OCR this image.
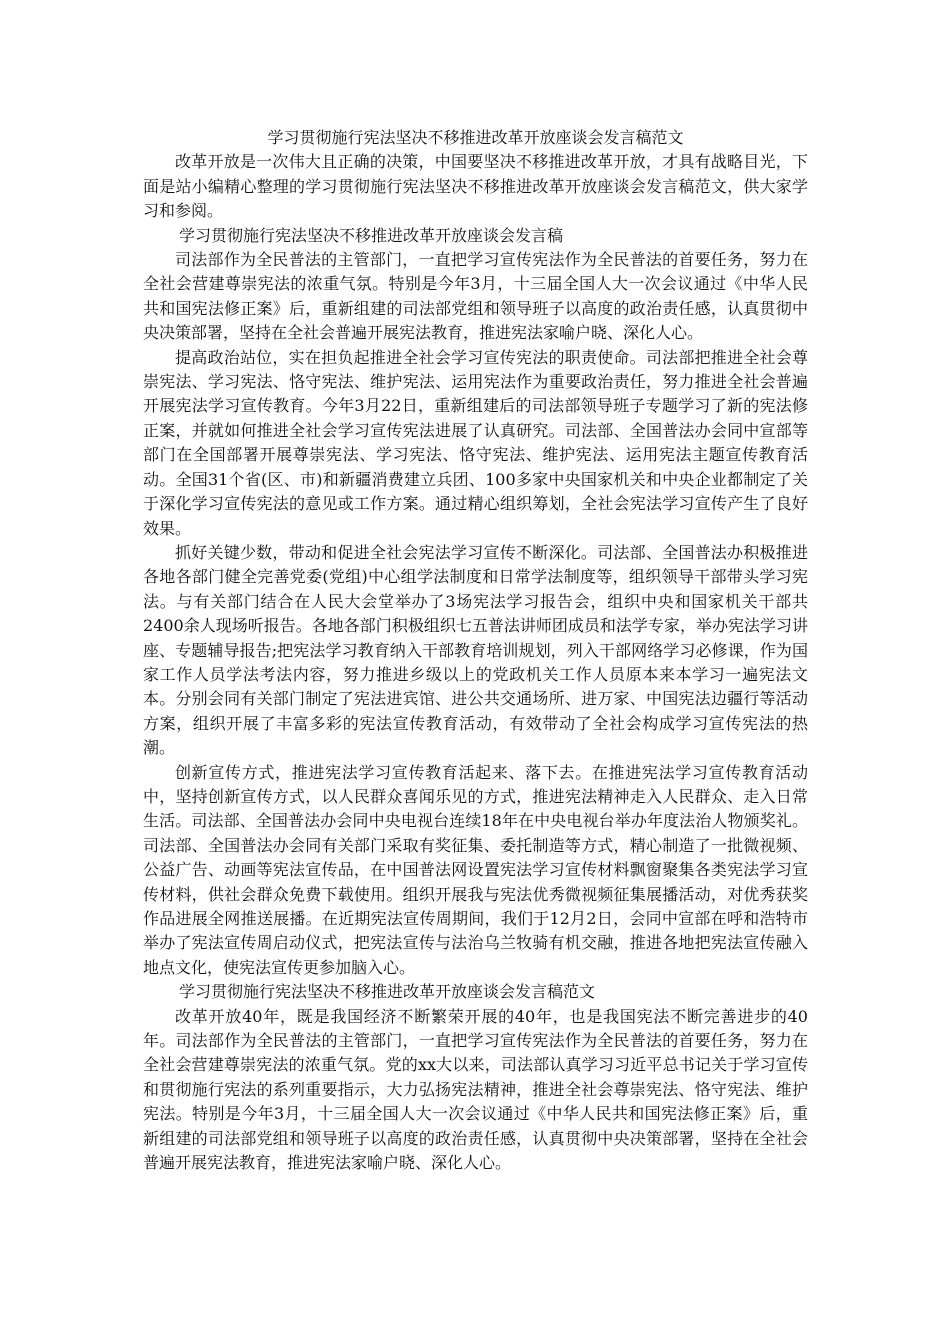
学习贯彻施行宪法坚决不移推进改革开放座谈会发言稿范文

改革开放是一次伟大且正确的决策，中国要坚决不移推进改革开放，才具有战略目光，下面是站小编精心整理的学习贯彻施行宪法坚决不移推进改革开放座谈会发言稿范文，供大家学习和参阅。

学习贯彻施行宪法坚决不移推进改革开放座谈会发言稿

司法部作为全民普法的主管部门，一直把学习宣传宪法作为全民普法的首要任务，努力在全社会营建尊崇宪法的浓重气氛。特别是今年3月，十三届全国人大一次会议通过《中华人民共和国宪法修正案》后，重新组建的司法部党组和领导班子以高度的政治责任感，认真贯彻中央决策部署，坚持在全社会普遍开展宪法教育，推进宪法家喻户晓、深化人心。

提高政治站位，实在担负起推进全社会学习宣传宪法的职责使命。司法部把推进全社会尊崇宪法、学习宪法、恪守宪法、维护宪法、运用宪法作为重要政治责任，努力推进全社会普遍开展宪法学习宣传教育。今年3月22日，重新组建后的司法部领导班子专题学习了新的宪法修正案，并就如何推进全社会学习宣传宪法进展了认真研究。司法部、全国普法办会同中宣部等部门在全国部署开展尊崇宪法、学习宪法、恪守宪法、维护宪法、运用宪法主题宣传教育活动。全国31个省(区、市)和新疆消费建立兵团、100多家中央国家机关和中央企业都制定了关于深化学习宣传宪法的意见或工作方案。通过精心组织筹划，全社会宪法学习宣传产生了良好效果。

抓好关键少数，带动和促进全社会宪法学习宣传不断深化。司法部、全国普法办积极推进各地各部门健全完善党委(党组)中心组学法制度和日常学法制度等，组织领导干部带头学习宪法。与有关部门结合在人民大会堂举办了3场宪法学习报告会，组织中央和国家机关干部共2400余人现场听报告。各地各部门积极组织七五普法讲师团成员和法学专家，举办宪法学习讲座、专题辅导报告;把宪法学习教育纳入干部教育培训规划，列入干部网络学习必修课，作为国家工作人员学法考法内容，努力推进乡级以上的党政机关工作人员原本来本学习一遍宪法文本。分别会同有关部门制定了宪法进宾馆、进公共交通场所、进万家、中国宪法边疆行等活动方案，组织开展了丰富多彩的宪法宣传教育活动，有效带动了全社会构成学习宣传宪法的热潮。

创新宣传方式，推进宪法学习宣传教育活起来、落下去。在推进宪法学习宣传教育活动中，坚持创新宣传方式，以人民群众喜闻乐见的方式，推进宪法精神走入人民群众、走入日常生活。司法部、全国普法办会同中央电视台连续18年在中央电视台举办年度法治人物颁奖礼。司法部、全国普法办会同有关部门采取有奖征集、委托制造等方式，精心制造了一批微视频、公益广告、动画等宪法宣传品，在中国普法网设置宪法学习宣传材料飘窗聚集各类宪法学习宣传材料，供社会群众免费下载使用。组织开展我与宪法优秀微视频征集展播活动，对优秀获奖作品进展全网推送展播。在近期宪法宣传周期间，我们于12月2日，会同中宣部在呼和浩特市举办了宪法宣传周启动仪式，把宪法宣传与法治乌兰牧骑有机交融，推进各地把宪法宣传融入地点文化，使宪法宣传更参加脑入心。

学习贯彻施行宪法坚决不移推进改革开放座谈会发言稿范文

改革开放40年，既是我国经济不断繁荣开展的40年，也是我国宪法不断完善进步的40年。司法部作为全民普法的主管部门，一直把学习宣传宪法作为全民普法的首要任务，努力在全社会营建尊崇宪法的浓重气氛。党的xx大以来，司法部认真学习习近平总书记关于学习宣传和贯彻施行宪法的系列重要指示，大力弘扬宪法精神，推进全社会尊崇宪法、恪守宪法、维护宪法。特别是今年3月，十三届全国人大一次会议通过《中华人民共和国宪法修正案》后，重新组建的司法部党组和领导班子以高度的政治责任感，认真贯彻中央决策部署，坚持在全社会普遍开展宪法教育，推进宪法家喻户晓、深化人心。
